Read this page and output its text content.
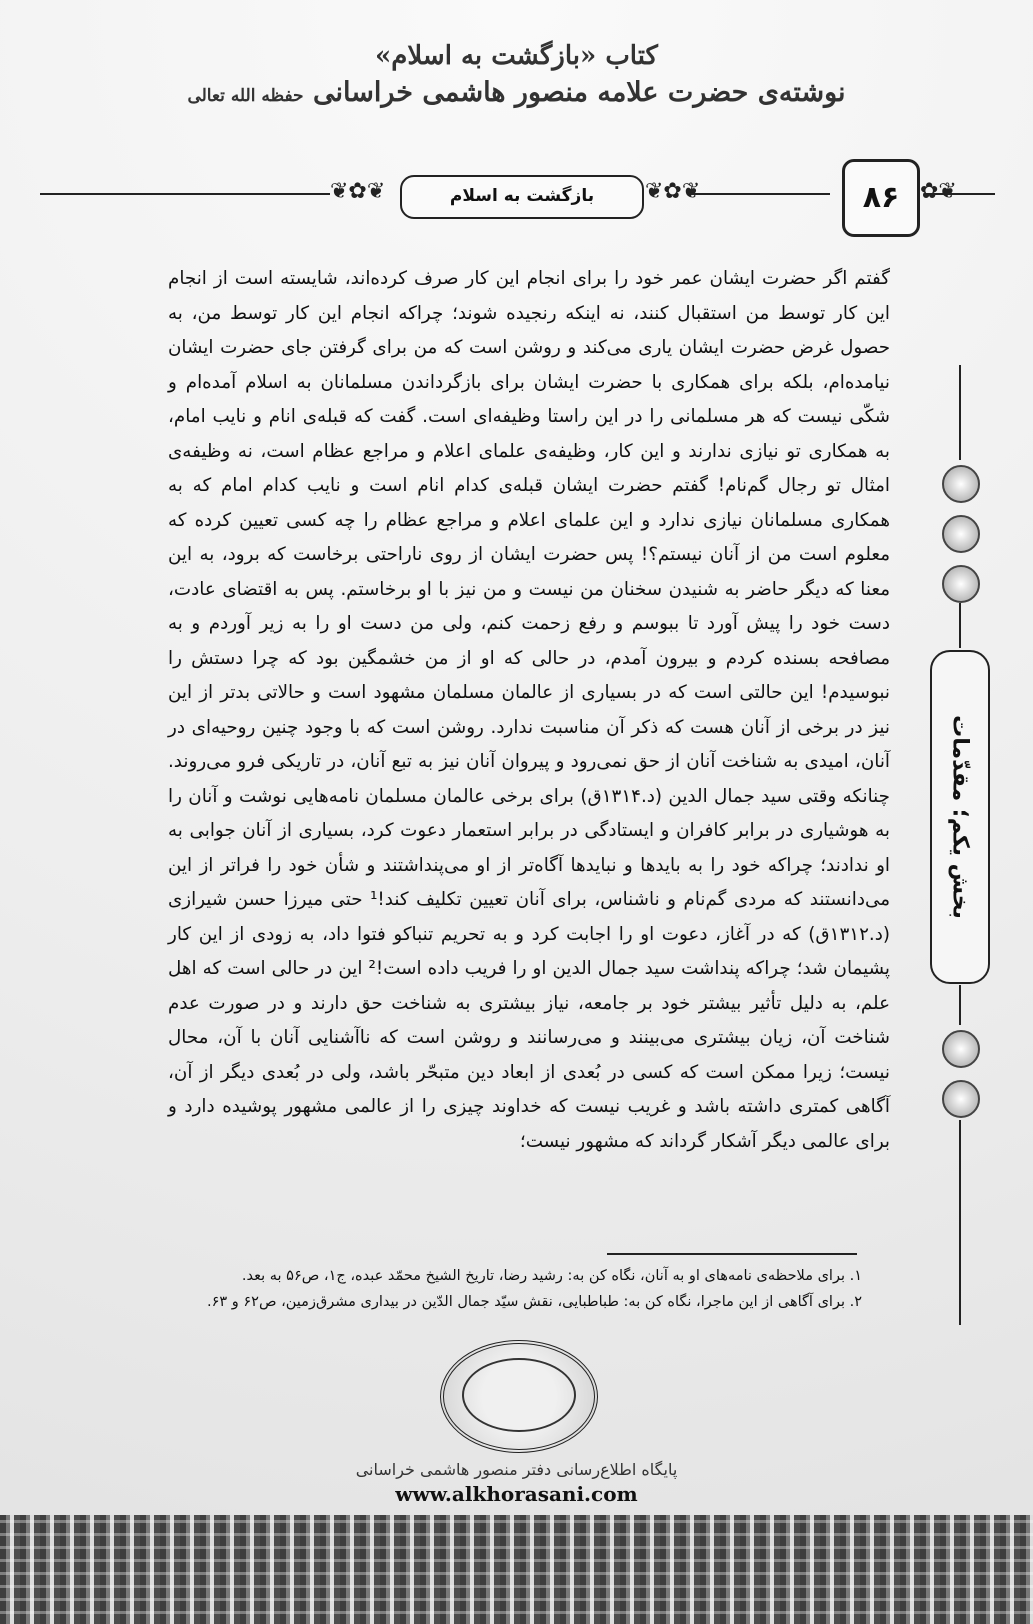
کتاب «بازگشت به اسلام»
نوشته‌ی حضرت علامه منصور هاشمی خراسانی حفظه الله تعالی
❦✿❦	❦✿❦	✿❦
بازگشت به اسلام	۸۶

گفتم اگر حضرت ایشان عمر خود را برای انجام این کار صرف کرده‌اند، شایسته است از انجام این کار توسط من استقبال کنند، نه اینکه رنجیده شوند؛ چراکه انجام این کار توسط من، به حصول غرض حضرت ایشان یاری می‌کند و روشن است که من برای گرفتن جای حضرت ایشان نیامده‌ام، بلکه برای همکاری با حضرت ایشان برای بازگرداندن مسلمانان به اسلام آمده‌ام و شکّی نیست که هر مسلمانی را در این راستا وظیفه‌ای است. گفت که قبله‌ی انام و نایب امام، به همکاری تو نیازی ندارند و این کار، وظیفه‌ی علمای اعلام و مراجع عظام است، نه وظیفه‌ی امثال تو رجال گم‌نام! گفتم حضرت ایشان قبله‌ی کدام انام است و نایب کدام امام که به همکاری مسلمانان نیازی ندارد و این علمای اعلام و مراجع عظام را چه کسی تعیین کرده که معلوم است من از آنان نیستم؟! پس حضرت ایشان از روی ناراحتی برخاست که برود، به این معنا که دیگر حاضر به شنیدن سخنان من نیست و من نیز با او برخاستم. پس به اقتضای عادت، دست خود را پیش آورد تا ببوسم و رفع زحمت کنم، ولی من دست او را به زیر آوردم و به مصافحه بسنده کردم و بیرون آمدم، در حالی که او از من خشمگین بود که چرا دستش را نبوسیدم! این حالتی است که در بسیاری از عالمان مسلمان مشهود است و حالاتی بدتر از این نیز در برخی از آنان هست که ذکر آن مناسبت ندارد. روشن است که با وجود چنین روحیه‌ای در آنان، امیدی به شناخت آنان از حق نمی‌رود و پیروان آنان نیز به تبع آنان، در تاریکی فرو می‌روند. چنانکه وقتی سید جمال الدین (د.۱۳۱۴ق) برای برخی عالمان مسلمان نامه‌هایی نوشت و آنان را به هوشیاری در برابر کافران و ایستادگی در برابر استعمار دعوت کرد، بسیاری از آنان جوابی به او ندادند؛ چراکه خود را به بایدها و نبایدها آگاه‌تر از او می‌پنداشتند و شأن خود را فراتر از این می‌دانستند که مردی گم‌نام و ناشناس، برای آنان تعیین تکلیف کند!¹ حتی میرزا حسن شیرازی (د.۱۳۱۲ق) که در آغاز، دعوت او را اجابت کرد و به تحریم تنباکو فتوا داد، به زودی از این کار پشیمان شد؛ چراکه پنداشت سید جمال الدین او را فریب داده است!² این در حالی است که اهل علم، به دلیل تأثیر بیشتر خود بر جامعه، نیاز بیشتری به شناخت حق دارند و در صورت عدم شناخت آن، زیان بیشتری می‌بینند و می‌رسانند و روشن است که ناآشنایی آنان با آن، محال نیست؛ زیرا ممکن است که کسی در بُعدی از ابعاد دین متبحّر باشد، ولی در بُعدی دیگر از آن، آگاهی کمتری داشته باشد و غریب نیست که خداوند چیزی را از عالمی مشهور پوشیده دارد و برای عالمی دیگر آشکار گرداند که مشهور نیست؛

بخش یکم؛ مقدّمات

۱. برای ملاحظه‌ی نامه‌های او به آنان، نگاه کن به: رشید رضا، تاریخ الشیخ محمّد عبده، ج۱، ص۵۶ به بعد.

۲. برای آگاهی از این ماجرا، نگاه کن به: طباطبایی، نقش سیّد جمال الدّین در بیداری مشرق‌زمین، ص۶۲ و ۶۳.

پایگاه اطلاع‌رسانی دفتر منصور هاشمی خراسانی
www.alkhorasani.com
